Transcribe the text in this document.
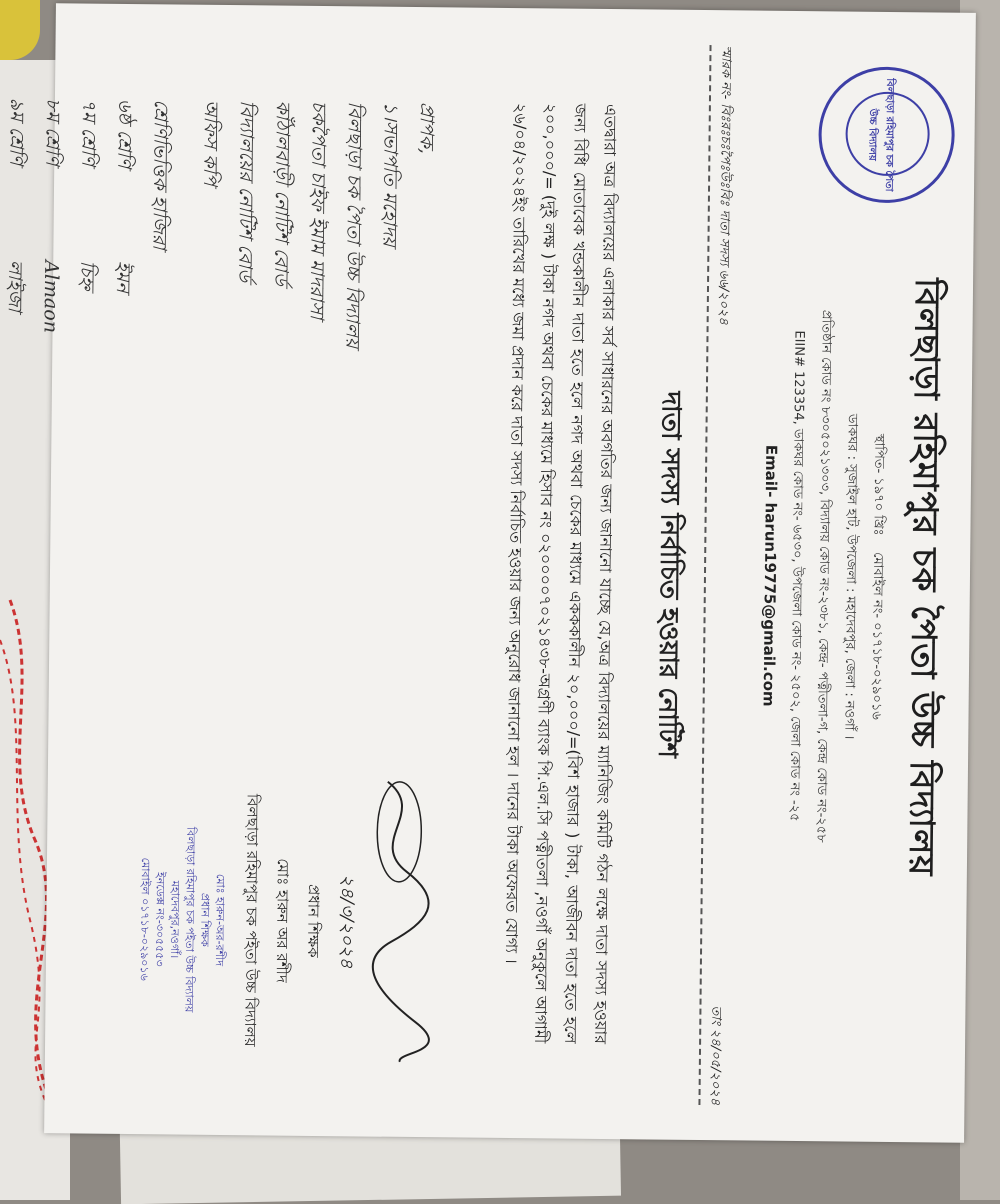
বিলছাড়া রহিমাপুর চক পৈতা উচ্চ বিদ্যালয়
বিলছাড়া রহিমাপুর চক পৈতা উচ্চ বিদ্যালয়
স্থাপিত- ১৯৭০ খ্রিঃ    মোবাইল নং- ০১৭১৮-০২৯০১৬
ডাকঘর : সুজাইল হাট, উপজেলা : মহাদেবপুর, জেলা : নওগাঁ ।
প্রতিষ্ঠান কোড নং ৮৩০৫০২১৩০৩, বিদ্যালয় কোড নং-২৩৮১, কেন্দ্র- পত্নীতলা-গ, কেন্দ্র কোড নং-২৫৮
EIIN# 123354, ডাকঘর কোড নং- ৬৫৩০, উপজেলা কোড নং- ২৫০২, জেলা কোড নং -২৫
Email- harun19775@gmail.com
স্মারক নং- বিঃরঃচঃপৈঃউঃবিঃ দাতা সদস্য ৬৬/২০২৪
তাং ২৪/০৫/২০২৪
দাতা সদস্য নির্বাচিত হওয়ার নোটিশ
এতদ্বারা অত্র বিদ্যালয়ের এলাকার সর্ব সাধারনের অবগতির জন্য জানানো যাচ্ছে যে,অত্র বিদ্যালয়ের ম্যানিজিং কমিটি গঠন লক্ষে দাতা সদস্য হওয়ার জন্য বিধি মোতাবেক খন্ডকালীন দাতা হতে হলে নগদ অথবা চেকের মাধ্যমে একককালীন ২০,০০০/=(বিশ হাজার ) টাকা, আজীবন দাতা হতে হলে ২০০,০০০/= (দুই লক্ষ ) টাকা নগদ অথবা চেকের মাধ্যমে হিসাব নং ০২০০০০৭০২১৪৩৮-অগ্রণী ব্যাংক পি.এল.সি পত্নীতলা ,নওগাঁ অনুকুলে আগামী ২৬/০৪/২০২৪ইং তারিখের মধ্যে জমা প্রদান করে দাতা সদস্য নির্বাচিত হওয়ার জন্য অনুরোধ জানানো হল । দানের টাকা অফেরত যোগ্য ।
প্রাপক,
১।সভাপতি মহোদয়
বিলছাড়া চক পৈতা উচ্চ বিদ্যালয়
চকপৈতা চাইফ ইমাম মাদরাসা
কাঁঠালবাড়ী নোটিশ বোর্ড
বিদ্যালয়ের নোটিশ বোর্ড
অফিস কপি
শ্রেণিভিত্তিক হাজিরা
৬ষ্ঠ শ্রেণি
ইমন
৭ম শ্রেণি
চিহ্ন
৮ম শ্রেণি
Almaon
৯ম শ্রেণি
লাইজা
২৪/৩/২০২৪
প্রধান শিক্ষক
মোঃ হারুন অর রশীদ
বিলছাড়া রহিমাপুর চক পইতা উচ্চ বিদ্যালয়
মোঃ হারুন-অর-রশীদ
প্রধান শিক্ষক
বিলছাড়া রহিমাপুর চক পইতা উচ্চ বিদ্যালয়
মহাদেবপুর,নওগাঁ।
ইনডেক্স নং-৩০৫৫৫৩
মোবাইল ০১৭১৮-০২৯০১৬
